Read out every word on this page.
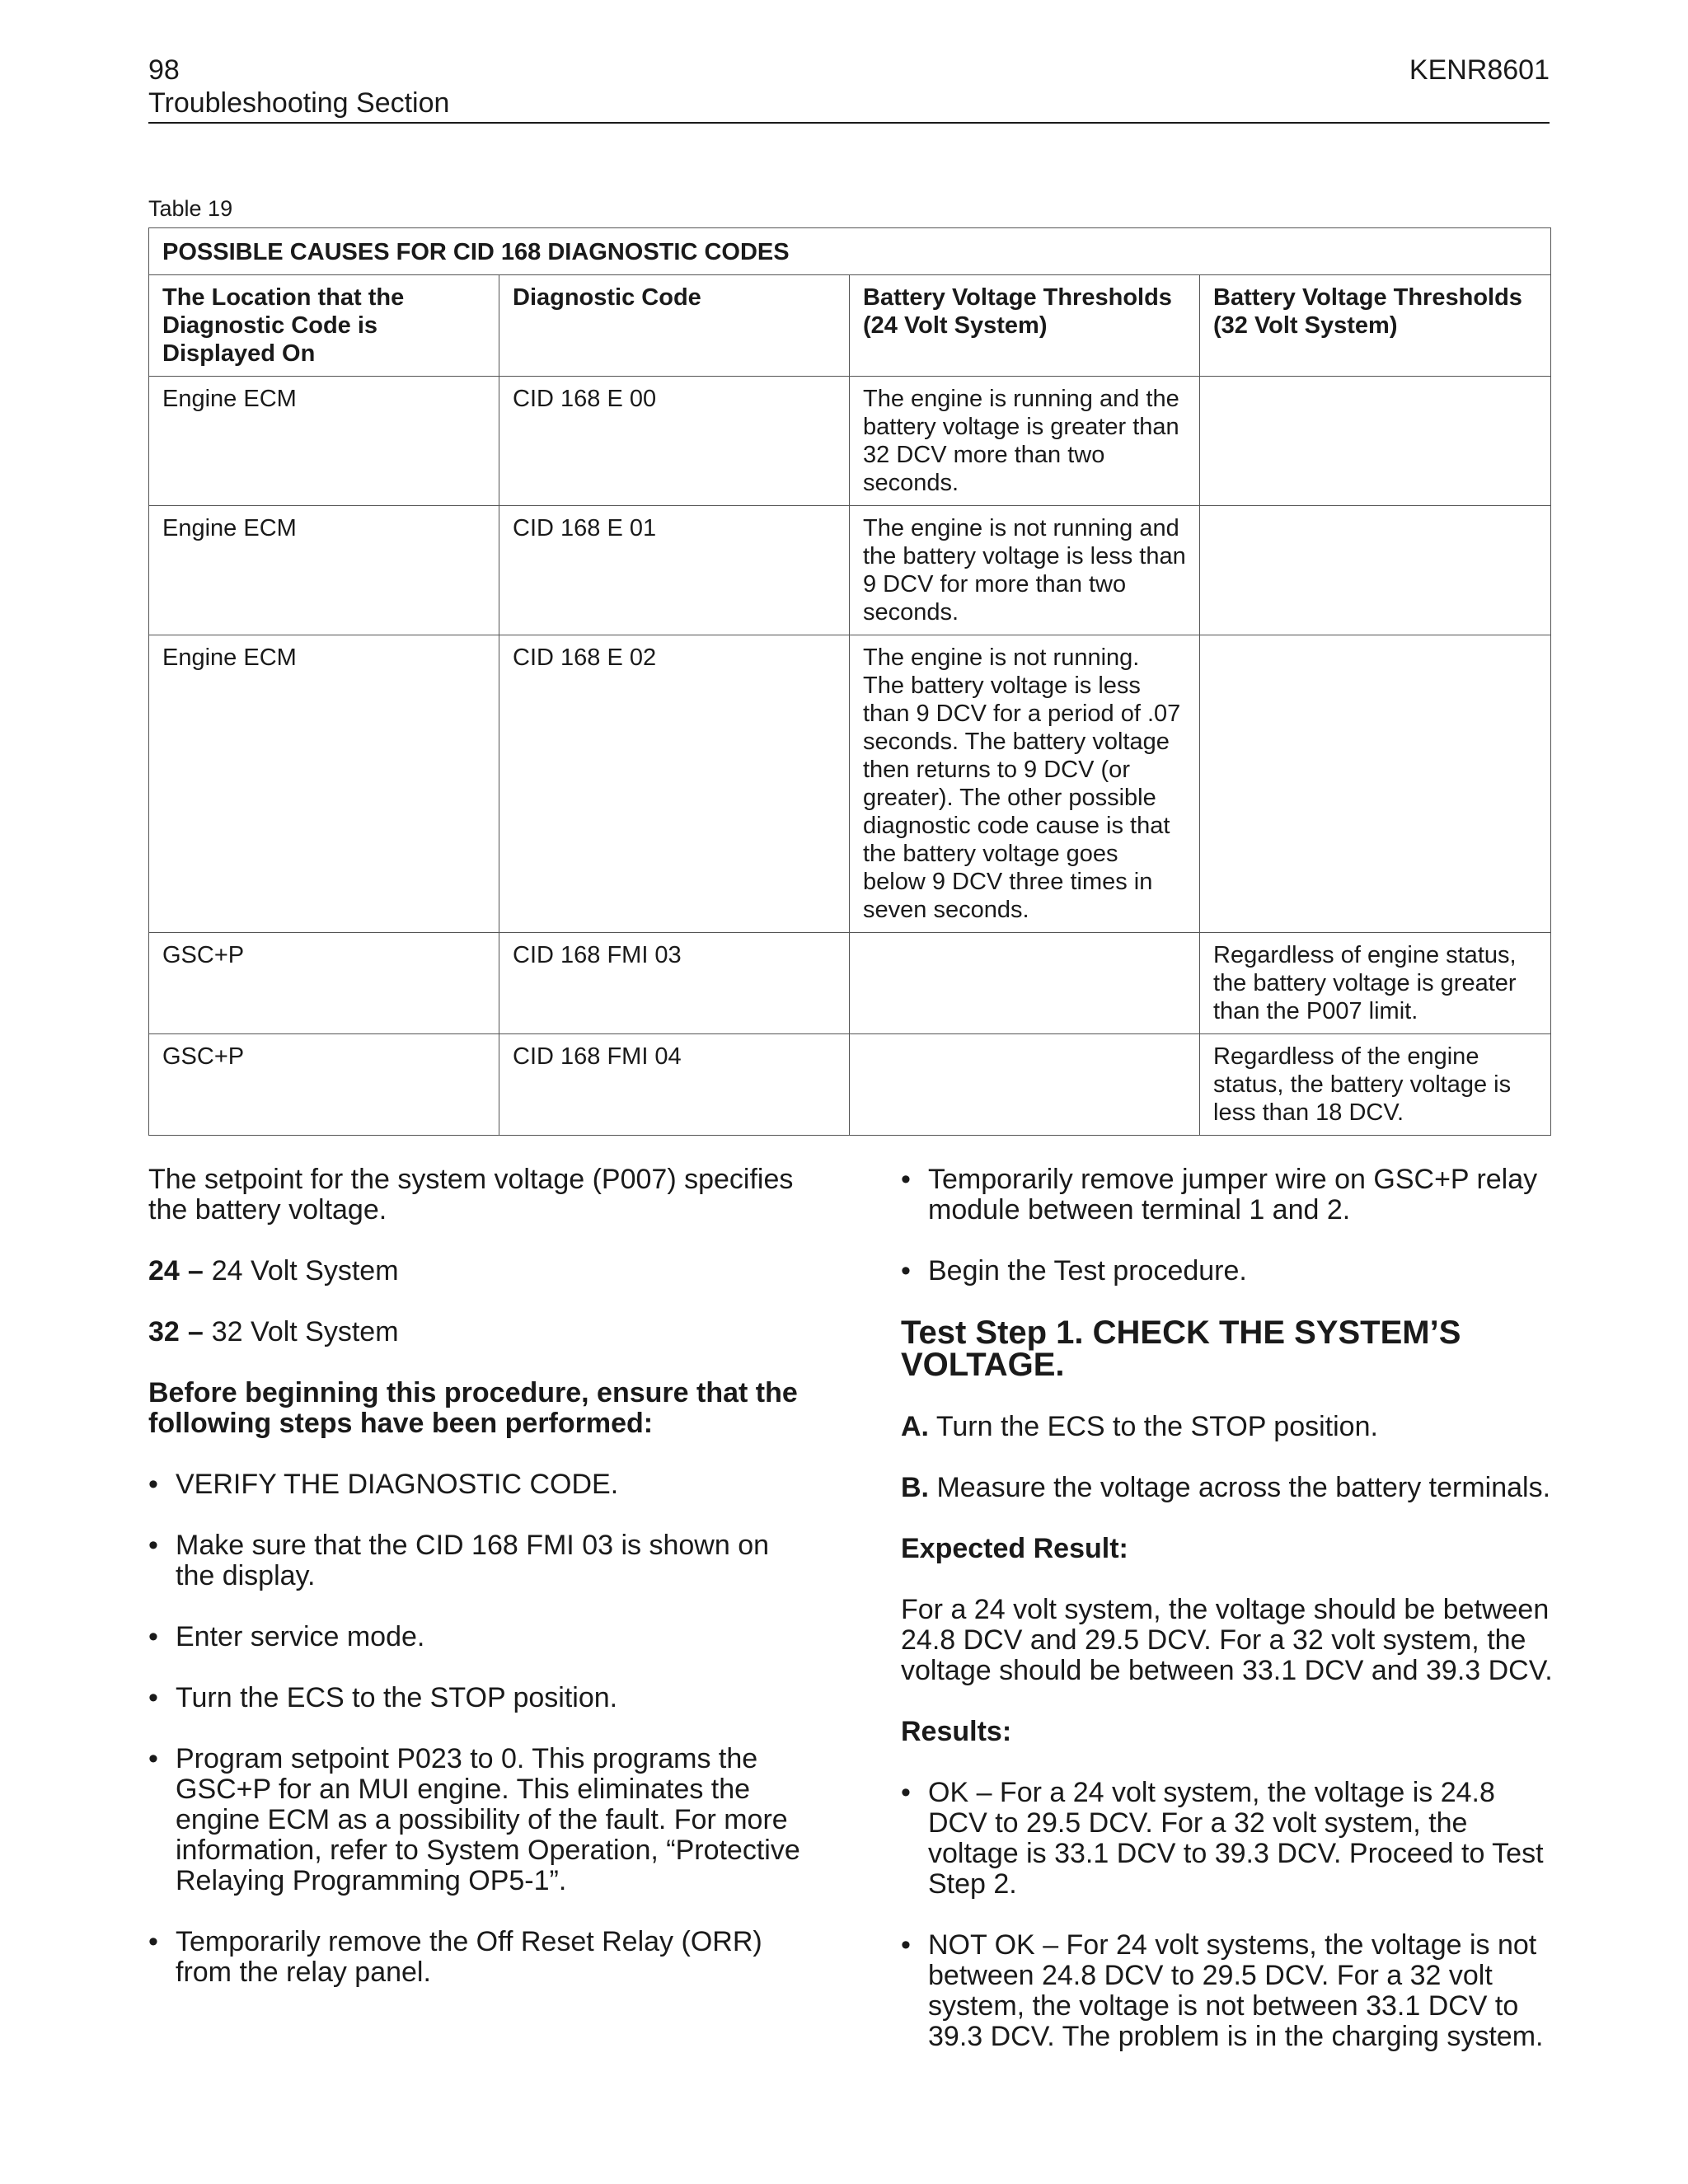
98	KENR8601
Troubleshooting Section
Table 19
POSSIBLE CAUSES FOR CID 168 DIAGNOSTIC CODES			
The Location that the Diagnostic Code is Displayed On	Diagnostic Code	Battery Voltage Thresholds (24 Volt System)	Battery Voltage Thresholds (32 Volt System)
Engine ECM	CID 168 E 00	The engine is running and the battery voltage is greater than 32 DCV more than two seconds.	
Engine ECM	CID 168 E 01	The engine is not running and the battery voltage is less than 9 DCV for more than two seconds.	
Engine ECM	CID 168 E 02	The engine is not running. The battery voltage is less than 9 DCV for a period of .07 seconds. The battery voltage then returns to 9 DCV (or greater). The other possible diagnostic code cause is that the battery voltage goes below 9 DCV three times in seven seconds.	
GSC+P	CID 168 FMI 03		Regardless of engine status, the battery voltage is greater than the P007 limit.
GSC+P	CID 168 FMI 04		Regardless of the engine status, the battery voltage is less than 18 DCV.

The setpoint for the system voltage (P007) specifies the battery voltage.

24 – 24 Volt System

32 – 32 Volt System

Before beginning this procedure, ensure that the following steps have been performed:

• VERIFY THE DIAGNOSTIC CODE.
• Make sure that the CID 168 FMI 03 is shown on the display.
• Enter service mode.
• Turn the ECS to the STOP position.
• Program setpoint P023 to 0. This programs the GSC+P for an MUI engine. This eliminates the engine ECM as a possibility of the fault. For more information, refer to System Operation, “Protective Relaying Programming OP5-1”.
• Temporarily remove the Off Reset Relay (ORR) from the relay panel.
• Temporarily remove jumper wire on GSC+P relay module between terminal 1 and 2.
• Begin the Test procedure.
Test Step 1. CHECK THE SYSTEM’S VOLTAGE.

A. Turn the ECS to the STOP position.

B. Measure the voltage across the battery terminals.

Expected Result:

For a 24 volt system, the voltage should be between 24.8 DCV and 29.5 DCV. For a 32 volt system, the voltage should be between 33.1 DCV and 39.3 DCV.

Results:

• OK – For a 24 volt system, the voltage is 24.8 DCV to 29.5 DCV. For a 32 volt system, the voltage is 33.1 DCV to 39.3 DCV. Proceed to Test Step 2.
• NOT OK – For 24 volt systems, the voltage is not between 24.8 DCV to 29.5 DCV. For a 32 volt system, the voltage is not between 33.1 DCV to 39.3 DCV. The problem is in the charging system.
